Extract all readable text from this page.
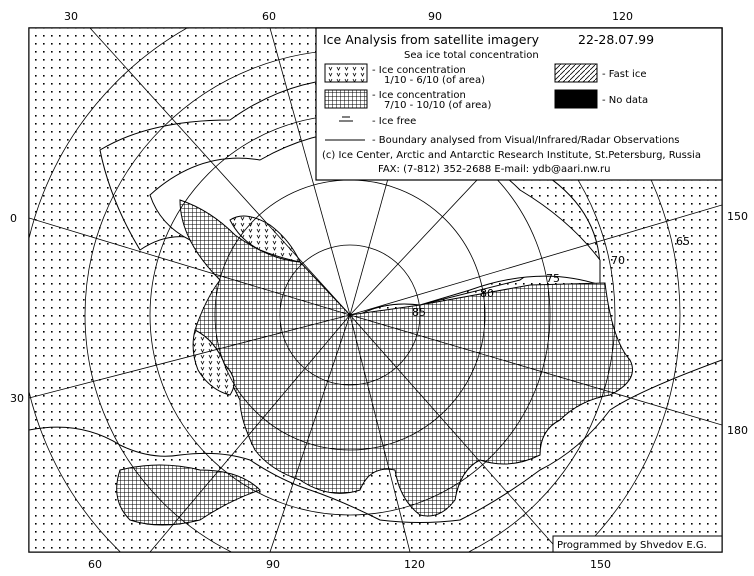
85
80
75
70
65
30	60	90	120
150
180
0
30
60	90	120	150
Ice Analysis from satellite imagery	22-28.07.99
Sea ice total concentration
- Ice concentration
1/10 - 6/10 (of area)
- Ice concentration
7/10 - 10/10 (of area)
- Ice free
- Fast ice
- No data
- Boundary analysed from Visual/Infrared/Radar Observations
(c) Ice Center, Arctic and Antarctic Research Institute, St.Petersburg, Russia
FAX: (7-812) 352-2688 E-mail: ydb@aari.nw.ru
Programmed by Shvedov E.G.
